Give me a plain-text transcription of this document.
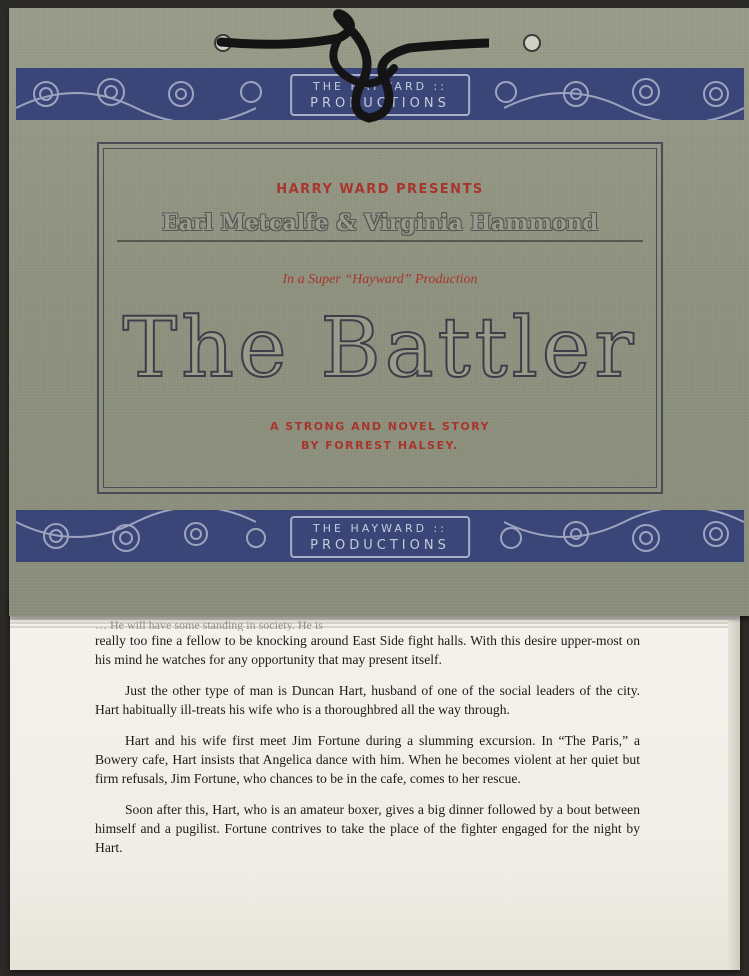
… He will have some standing in society. He is

really too fine a fellow to be knocking around East Side fight halls. With this desire upper-most on his mind he watches for any opportunity that may present itself.

Just the other type of man is Duncan Hart, husband of one of the social leaders of the city. Hart habitually ill-treats his wife who is a thoroughbred all the way through.

Hart and his wife first meet Jim Fortune during a slumming excursion. In “The Paris,” a Bowery cafe, Hart insists that Angelica dance with him. When he becomes violent at her quiet but firm refusals, Jim Fortune, who chances to be in the cafe, comes to her rescue.

Soon after this, Hart, who is an amateur boxer, gives a big dinner followed by a bout between himself and a pugilist. Fortune contrives to take the place of the fighter engaged for the night by Hart.

THE HAYWARD ::
PRODUCTIONS
HARRY WARD PRESENTS
Earl Metcalfe & Virginia Hammond
In a Super “Hayward” Production
The Battler
A STRONG AND NOVEL STORY
BY FORREST HALSEY.
THE HAYWARD ::
PRODUCTIONS
